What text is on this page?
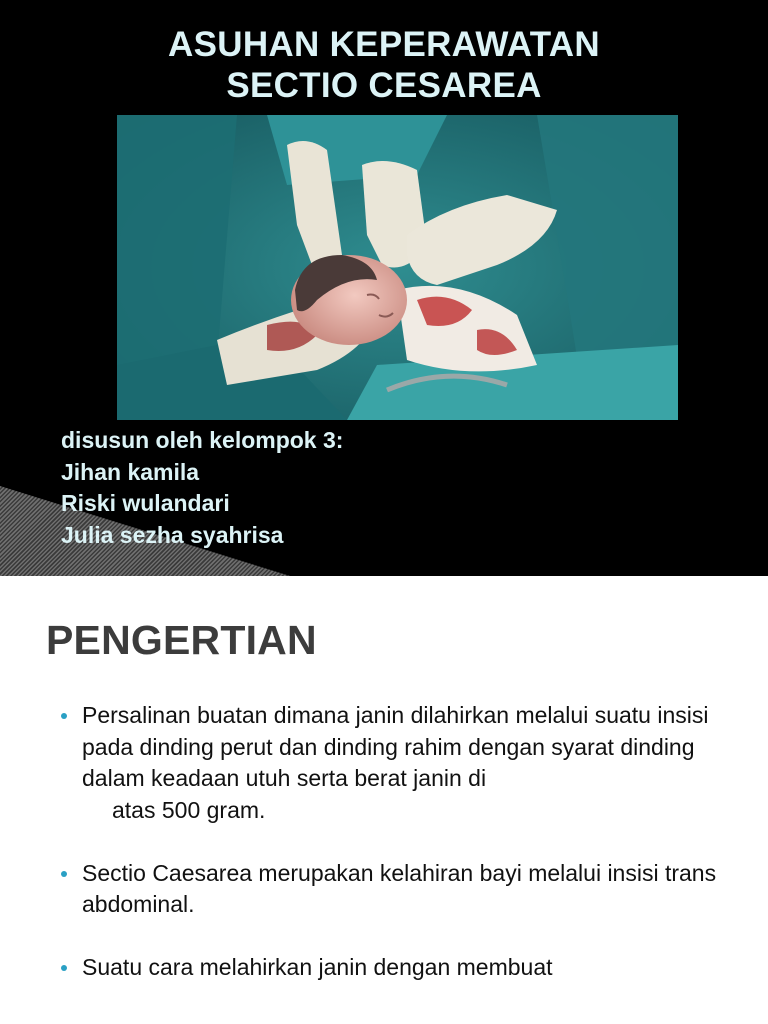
ASUHAN KEPERAWATAN
SECTIO CESAREA
disusun oleh kelompok 3:
Jihan kamila
Riski wulandari
Julia sezha syahrisa
PENGERTIAN
Persalinan buatan dimana janin dilahirkan melalui suatu insisi pada dinding perut dan dinding rahim dengan syarat dinding dalam keadaan utuh serta berat janin di
atas 500 gram.
Sectio Caesarea merupakan kelahiran bayi melalui insisi trans abdominal.
Suatu cara melahirkan janin dengan membuat
